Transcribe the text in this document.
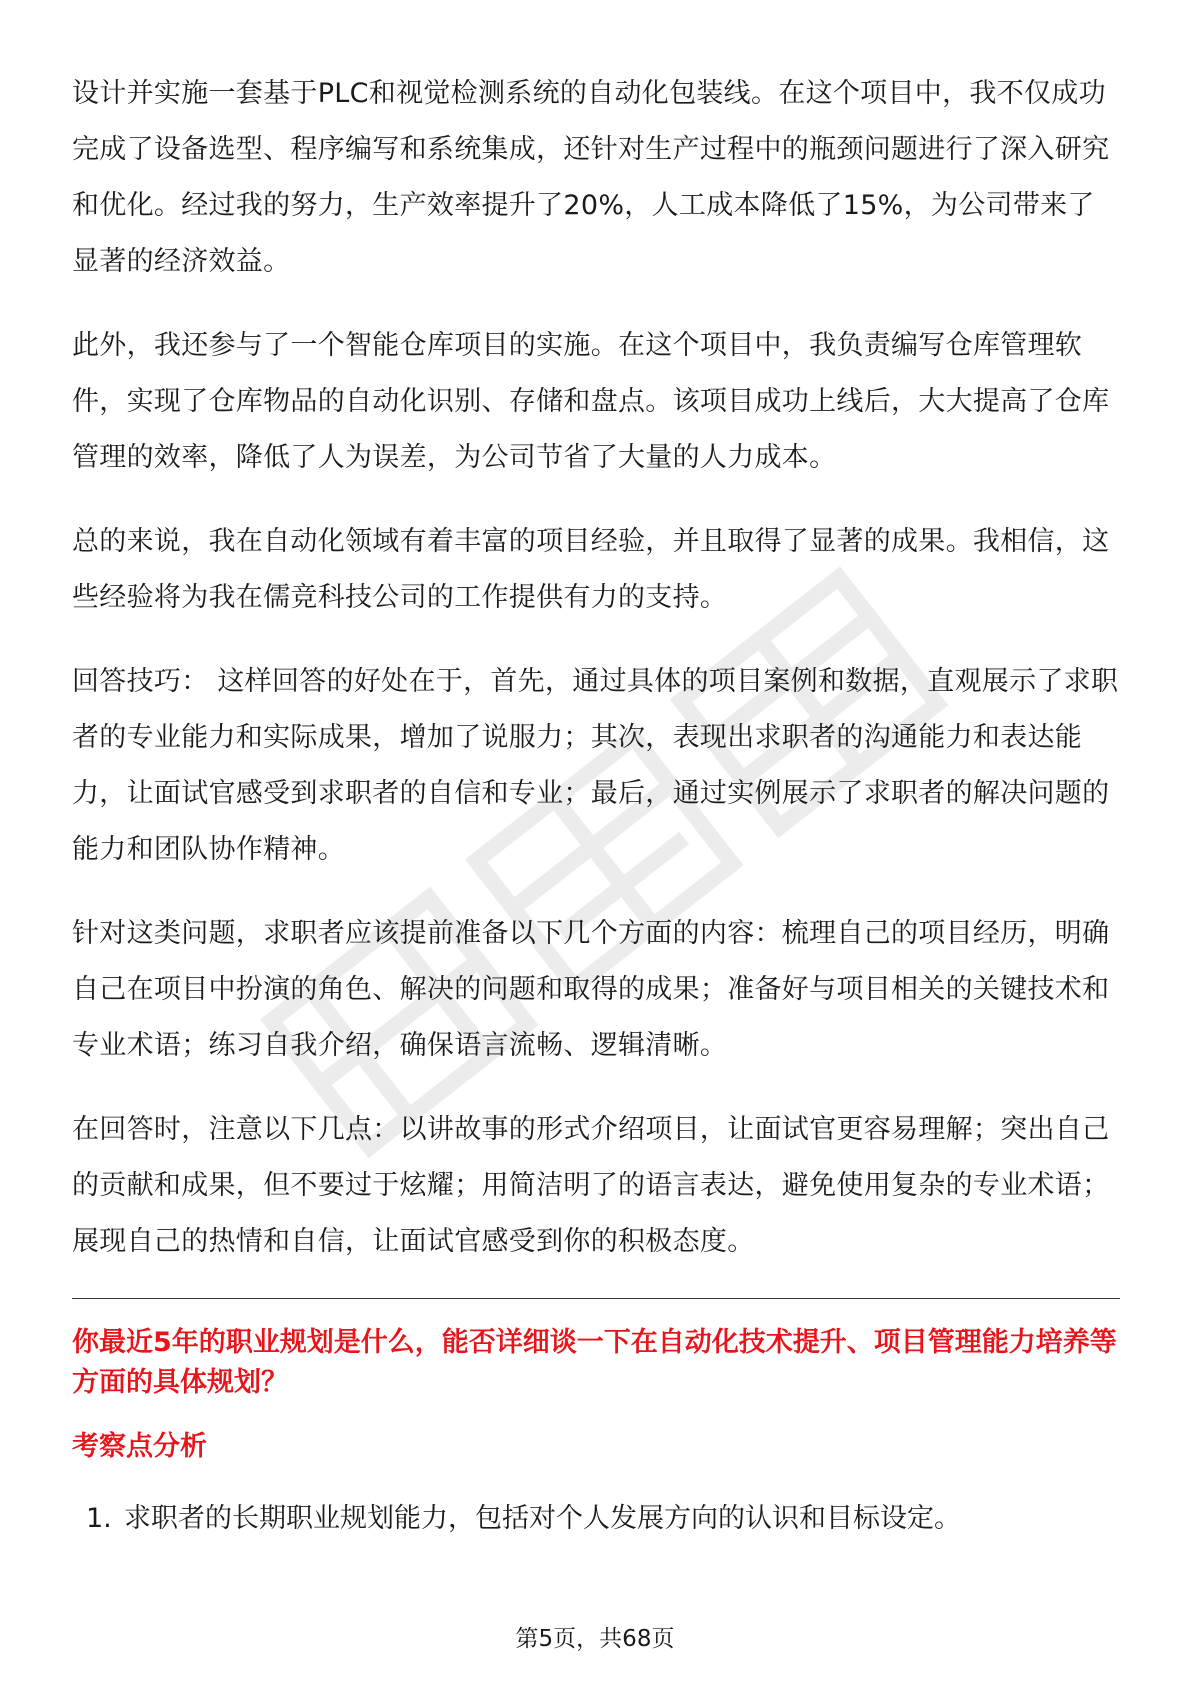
设计并实施一套基于PLC和视觉检测系统的自动化包装线。在这个项目中，我不仅成功完成了设备选型、程序编写和系统集成，还针对生产过程中的瓶颈问题进行了深入研究和优化。经过我的努力，生产效率提升了20%，人工成本降低了15%，为公司带来了显著的经济效益。

此外，我还参与了一个智能仓库项目的实施。在这个项目中，我负责编写仓库管理软件，实现了仓库物品的自动化识别、存储和盘点。该项目成功上线后，大大提高了仓库管理的效率，降低了人为误差，为公司节省了大量的人力成本。

总的来说，我在自动化领域有着丰富的项目经验，并且取得了显著的成果。我相信，这些经验将为我在儒竞科技公司的工作提供有力的支持。

回答技巧： 这样回答的好处在于，首先，通过具体的项目案例和数据，直观展示了求职者的专业能力和实际成果，增加了说服力；其次，表现出求职者的沟通能力和表达能力，让面试官感受到求职者的自信和专业；最后，通过实例展示了求职者的解决问题的能力和团队协作精神。

针对这类问题，求职者应该提前准备以下几个方面的内容：梳理自己的项目经历，明确自己在项目中扮演的角色、解决的问题和取得的成果；准备好与项目相关的关键技术和专业术语；练习自我介绍，确保语言流畅、逻辑清晰。

在回答时，注意以下几点：以讲故事的形式介绍项目，让面试官更容易理解；突出自己的贡献和成果，但不要过于炫耀；用简洁明了的语言表达，避免使用复杂的专业术语；展现自己的热情和自信，让面试官感受到你的积极态度。

你最近5年的职业规划是什么，能否详细谈一下在自动化技术提升、项目管理能力培养等方面的具体规划？
考察点分析
1. 求职者的长期职业规划能力，包括对个人发展方向的认识和目标设定。
第5页，共68页
